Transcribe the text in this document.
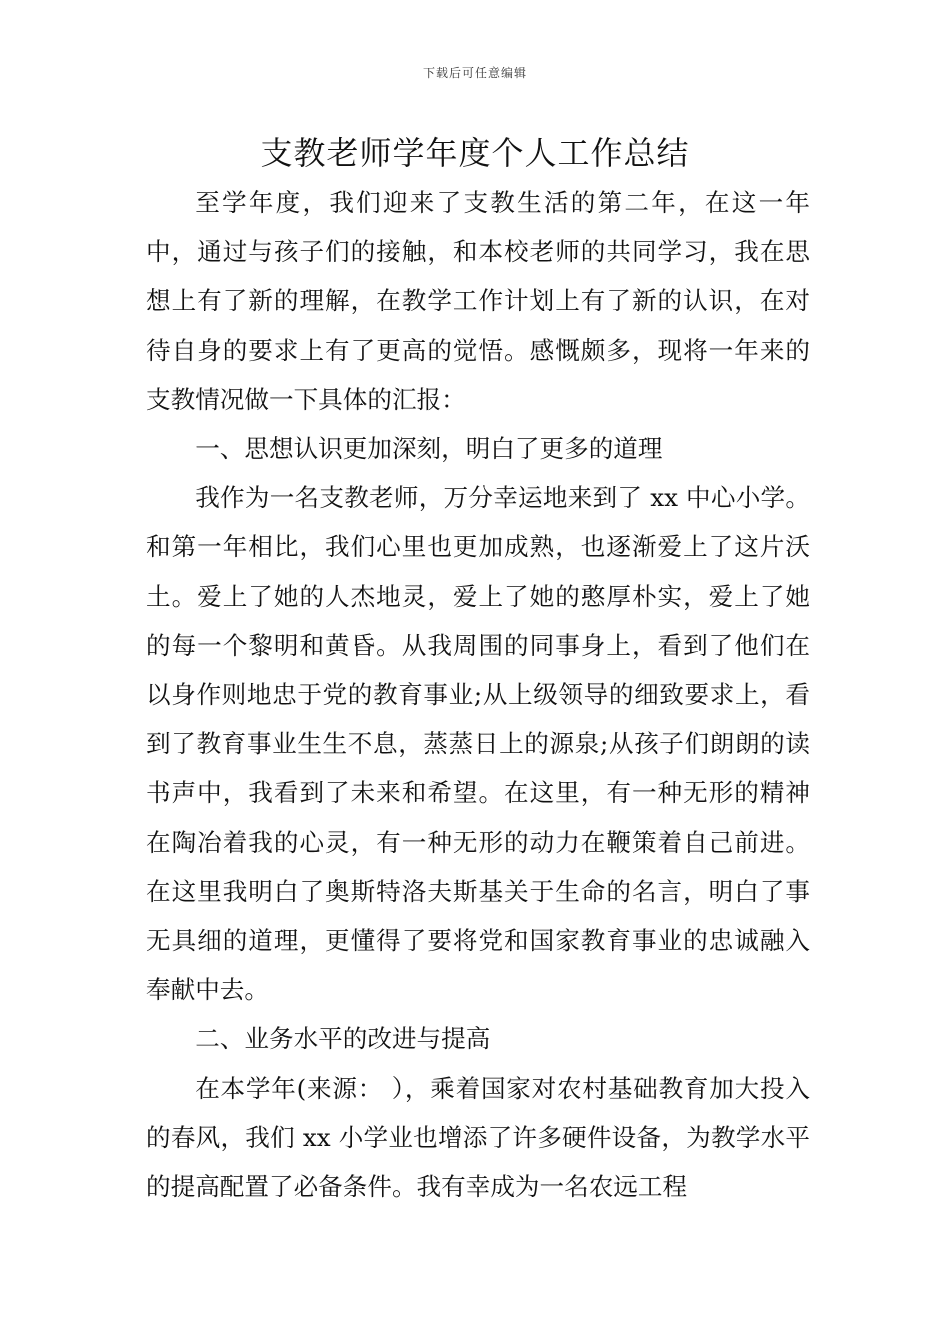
下载后可任意编辑
支教老师学年度个人工作总结

至学年度，我们迎来了支教生活的第二年，在这一年中，通过与孩子们的接触，和本校老师的共同学习，我在思想上有了新的理解，在教学工作计划上有了新的认识，在对待自身的要求上有了更高的觉悟。感慨颇多，现将一年来的支教情况做一下具体的汇报：

一、思想认识更加深刻，明白了更多的道理

我作为一名支教老师，万分幸运地来到了 xx 中心小学。和第一年相比，我们心里也更加成熟，也逐渐爱上了这片沃土。爱上了她的人杰地灵，爱上了她的憨厚朴实，爱上了她的每一个黎明和黄昏。从我周围的同事身上，看到了他们在以身作则地忠于党的教育事业;从上级领导的细致要求上，看到了教育事业生生不息，蒸蒸日上的源泉;从孩子们朗朗的读书声中，我看到了未来和希望。在这里，有一种无形的精神在陶冶着我的心灵，有一种无形的动力在鞭策着自己前进。在这里我明白了奥斯特洛夫斯基关于生命的名言，明白了事无具细的道理，更懂得了要将党和国家教育事业的忠诚融入奉献中去。

二、业务水平的改进与提高

在本学年(来源： ），乘着国家对农村基础教育加大投入的春风，我们 xx 小学业也增添了许多硬件设备，为教学水平的提高配置了必备条件。我有幸成为一名农远工程
